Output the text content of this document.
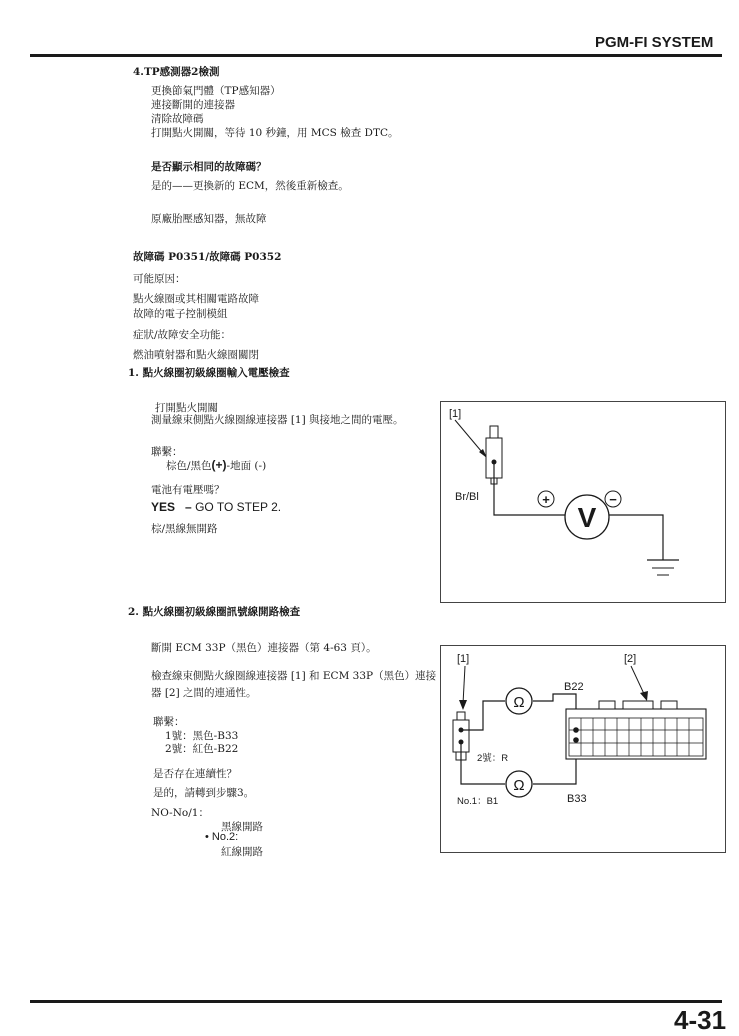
PGM-FI SYSTEM
4.TP感測器2檢測
更換節氣門體（TP感知器）
連接斷開的連接器
清除故障碼
打開點火開關，等待 10 秒鐘，用 MCS 檢查 DTC。
是否顯示相同的故障碼？
是的——更換新的 ECM，然後重新檢查。
原廠胎壓感知器，無故障
故障碼 P0351/故障碼 P0352
可能原因：
點火線圈或其相關電路故障
故障的電子控制模組
症狀/故障安全功能：
燃油噴射器和點火線圈關閉
1. 點火線圈初級線圈輸入電壓檢查
打開點火開關
測量線束側點火線圈線連接器 [1] 與接地之間的電壓。
聯繫：
棕色/黑色(+)-地面 (-)
電池有電壓嗎？
YES – GO TO STEP 2.
棕/黑線無開路
[1]
Br/Bl
V
+	−
2. 點火線圈初級線圈訊號線開路檢查
斷開 ECM 33P（黑色）連接器（第 4-63 頁）。
檢查線束側點火線圈線連接器 [1] 和 ECM 33P（黑色）連接
器 [2] 之間的連通性。
聯繫：
1號：黑色-B33
2號：紅色-B22
是否存在連續性？
是的，請轉到步驟3。
NO-No/1：
黑線開路
• No.2:
紅線開路
[1]	[2]
Ω
Ω
B22
B33
2號：R
No.1：B1
4-31
